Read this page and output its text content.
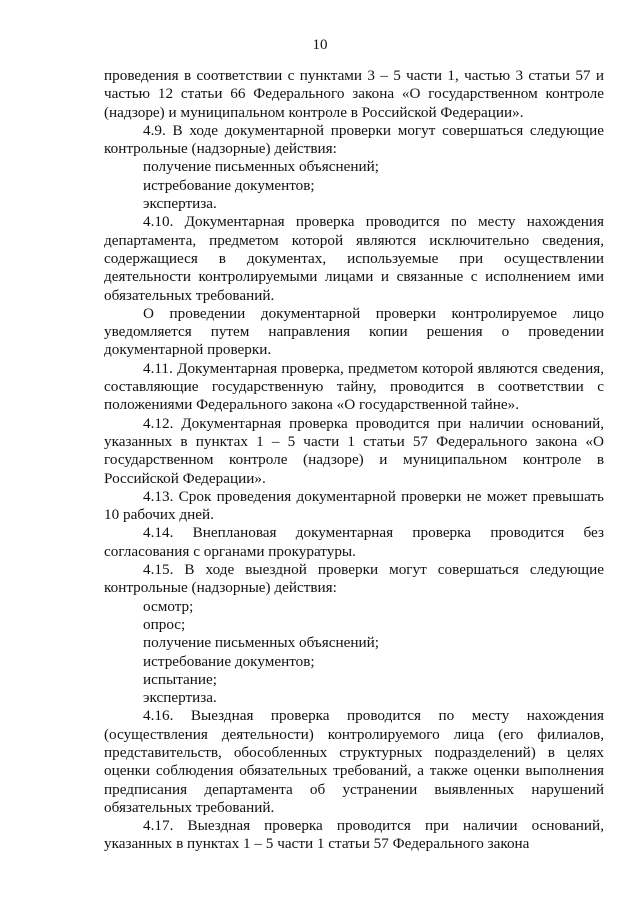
10

проведения в соответствии с пунктами 3 – 5 части 1, частью 3 статьи 57 и частью 12 статьи 66 Федерального закона «О государственном контроле (надзоре) и муниципальном контроле в Российской Федерации».

4.9. В ходе документарной проверки могут совершаться следующие контрольные (надзорные) действия:

получение письменных объяснений;

истребование документов;

экспертиза.

4.10. Документарная проверка проводится по месту нахождения департамента, предметом которой являются исключительно сведения, содержащиеся в документах, используемые при осуществлении деятельности контролируемыми лицами и связанные с исполнением ими обязательных требований.

О проведении документарной проверки контролируемое лицо уведомляется путем направления копии решения о проведении документарной проверки.

4.11. Документарная проверка, предметом которой являются сведения, составляющие государственную тайну, проводится в соответствии с положениями Федерального закона «О государственной тайне».

4.12. Документарная проверка проводится при наличии оснований, указанных в пунктах 1 – 5 части 1 статьи 57 Федерального закона «О государственном контроле (надзоре) и муниципальном контроле в Российской Федерации».

4.13. Срок проведения документарной проверки не может превышать 10 рабочих дней.

4.14. Внеплановая документарная проверка проводится без согласования с органами прокуратуры.

4.15. В ходе выездной проверки могут совершаться следующие контрольные (надзорные) действия:

осмотр;

опрос;

получение письменных объяснений;

истребование документов;

испытание;

экспертиза.

4.16. Выездная проверка проводится по месту нахождения (осуществления деятельности) контролируемого лица (его филиалов, представительств, обособленных структурных подразделений) в целях оценки соблюдения обязательных требований, а также оценки выполнения предписания департамента об устранении выявленных нарушений обязательных требований.

4.17. Выездная проверка проводится при наличии оснований, указанных в пунктах 1 – 5 части 1 статьи 57 Федерального закона
